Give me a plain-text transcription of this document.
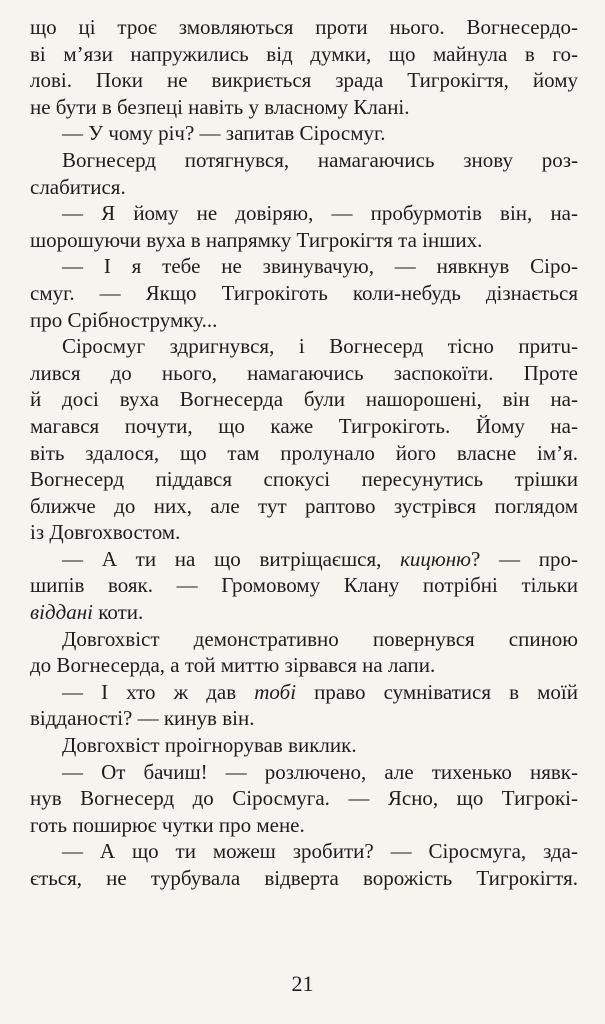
що ці троє змовляються проти нього. Вогнесердо-
ві м’язи напружились від думки, що майнула в го-
лові. Поки не викриється зрада Тигрокігтя, йому
не бути в безпеці навіть у власному Клані.
— У чому річ? — запитав Сіросмуг.
Вогнесерд потягнувся, намагаючись знову роз-
слабитися.
— Я йому не довіряю, — пробурмотів він, на-
шорошуючи вуха в напрямку Тигрокігтя та інших.
— І я тебе не звинувачую, — нявкнув Сіро-
смуг. — Якщо Тигрокіготь коли-небудь дізнається
про Срібнострумку...
Сіросмуг здригнувся, і Вогнесерд тісно притu-
лився до нього, намагаючись заспокоїти. Проте
й досі вуха Вогнесерда були нашорошені, він на-
магався почути, що каже Тигрокіготь. Йому на-
віть здалося, що там пролунало його власне ім’я.
Вогнесерд піддався спокусі пересунутись трішки
ближче до них, але тут раптово зустрівся поглядом
із Довгохвостом.
— А ти на що витріщаєшся, кицюню? — про-
шипів вояк. — Громовому Клану потрібні тільки
віддані коти.
Довгохвіст демонстративно повернувся спиною
до Вогнесерда, а той миттю зірвався на лапи.
— І хто ж дав тобі право сумніватися в моїй
відданості? — кинув він.
Довгохвіст проігнорував виклик.
— От бачиш! — розлючено, але тихенько нявк-
нув Вогнесерд до Сіросмуга. — Ясно, що Тигрокі-
готь поширює чутки про мене.
— А що ти можеш зробити? — Сіросмуга, зда-
ється, не турбувала відверта ворожість Тигрокігтя.
21
